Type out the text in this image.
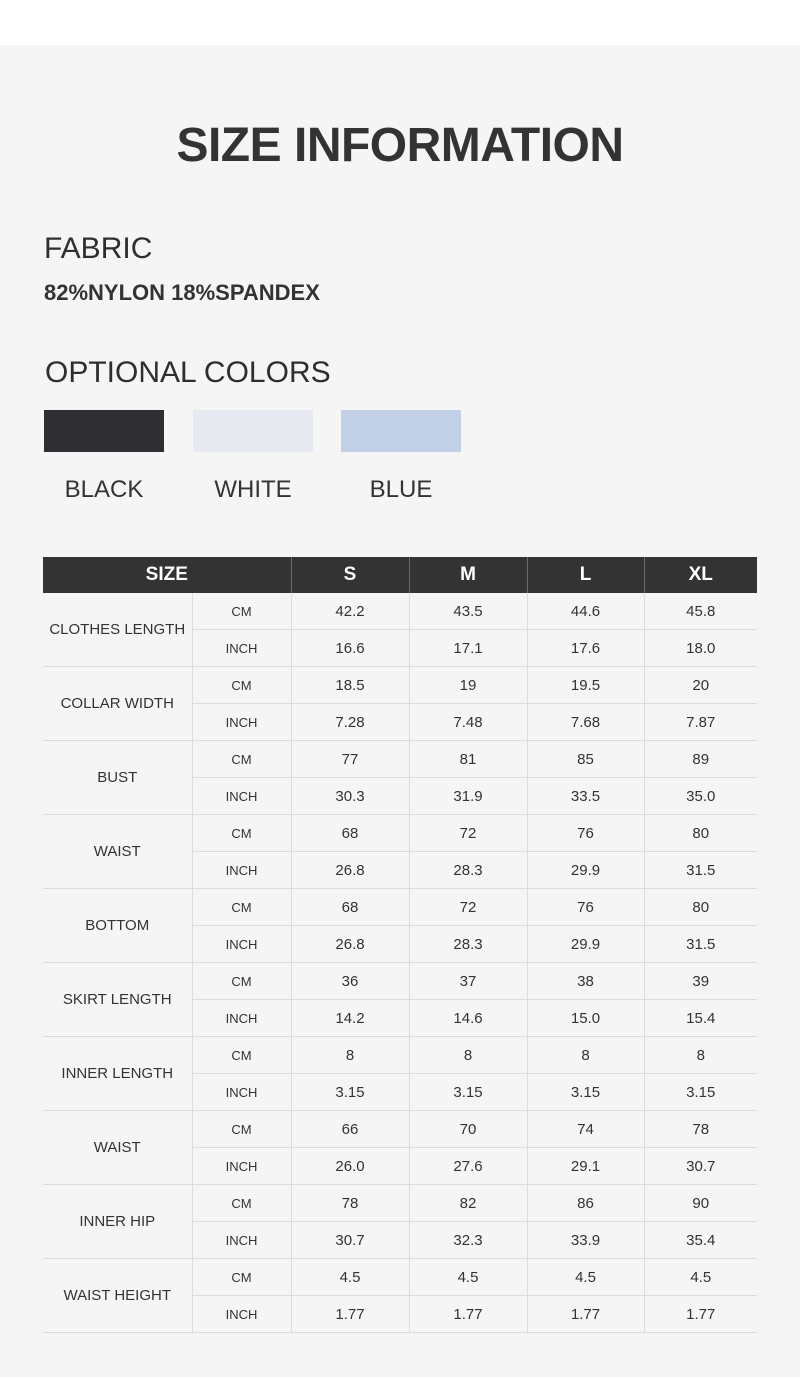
SIZE INFORMATION
FABRIC
82%NYLON 18%SPANDEX
OPTIONAL COLORS
BLACK	WHITE	BLUE
SIZE		S	M	L	XL
CLOTHES LENGTH	CM	42.2	43.5	44.6	45.8
	INCH	16.6	17.1	17.6	18.0
COLLAR WIDTH	CM	18.5	19	19.5	20
	INCH	7.28	7.48	7.68	7.87
BUST	CM	77	81	85	89
	INCH	30.3	31.9	33.5	35.0
WAIST	CM	68	72	76	80
	INCH	26.8	28.3	29.9	31.5
BOTTOM	CM	68	72	76	80
	INCH	26.8	28.3	29.9	31.5
SKIRT LENGTH	CM	36	37	38	39
	INCH	14.2	14.6	15.0	15.4
INNER LENGTH	CM	8	8	8	8
	INCH	3.15	3.15	3.15	3.15
WAIST	CM	66	70	74	78
	INCH	26.0	27.6	29.1	30.7
INNER HIP	CM	78	82	86	90
	INCH	30.7	32.3	33.9	35.4
WAIST HEIGHT	CM	4.5	4.5	4.5	4.5
	INCH	1.77	1.77	1.77	1.77
